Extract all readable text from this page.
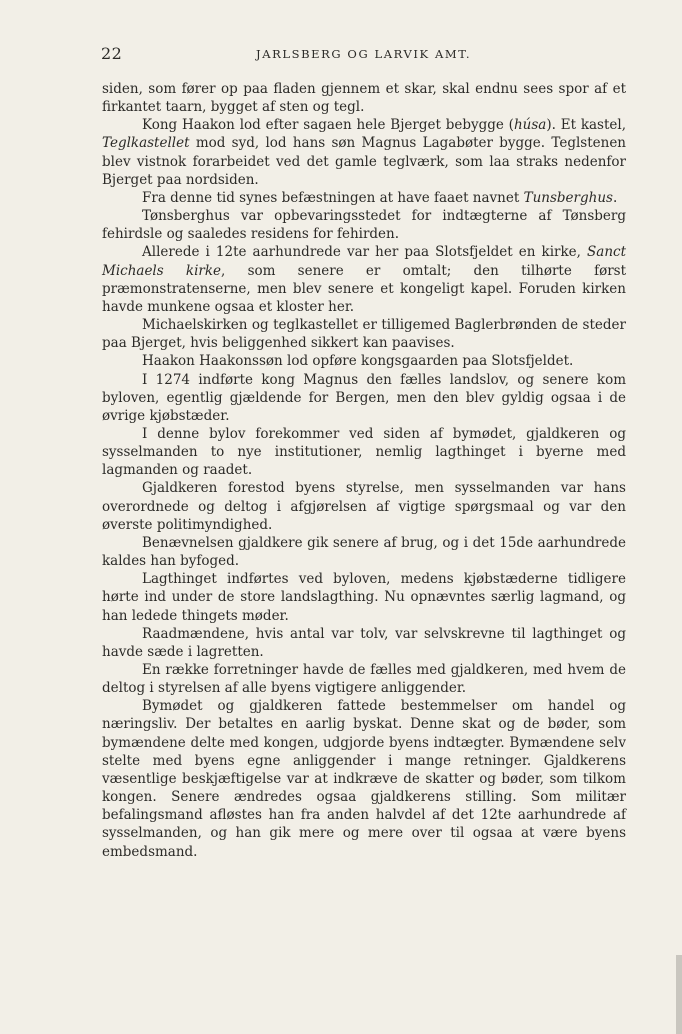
22	JARLSBERG OG LARVIK AMT.

siden, som fører op paa fladen gjennem et skar, skal endnu sees spor af et firkantet taarn, bygget af sten og tegl.

Kong Haakon lod efter sagaen hele Bjerget bebygge (húsa). Et kastel, Teglkastellet mod syd, lod hans søn Magnus Lagabøter bygge. Teglstenen blev vistnok forarbeidet ved det gamle teglværk, som laa straks nedenfor Bjerget paa nordsiden.

Fra denne tid synes befæstningen at have faaet navnet Tunsberghus.

Tønsberghus var opbevaringsstedet for indtægterne af Tønsberg fehirdsle og saaledes residens for fehirden.

Allerede i 12te aarhundrede var her paa Slotsfjeldet en kirke, Sanct Michaels kirke, som senere er omtalt; den tilhørte først præmonstratenserne, men blev senere et kongeligt kapel. Foruden kirken havde munkene ogsaa et kloster her.

Michaelskirken og teglkastellet er tilligemed Baglerbrønden de steder paa Bjerget, hvis beliggenhed sikkert kan paavises.

Haakon Haakonssøn lod opføre kongsgaarden paa Slotsfjeldet.

I 1274 indførte kong Magnus den fælles landslov, og senere kom byloven, egentlig gjældende for Bergen, men den blev gyldig ogsaa i de øvrige kjøbstæder.

I denne bylov forekommer ved siden af bymødet, gjaldkeren og sysselmanden to nye institutioner, nemlig lagthinget i byerne med lagmanden og raadet.

Gjaldkeren forestod byens styrelse, men sysselmanden var hans overordnede og deltog i afgjørelsen af vigtige spørgsmaal og var den øverste politimyndighed.

Benævnelsen gjaldkere gik senere af brug, og i det 15de aarhundrede kaldes han byfoged.

Lagthinget indførtes ved byloven, medens kjøbstæderne tidligere hørte ind under de store landslagthing. Nu opnævntes særlig lagmand, og han ledede thingets møder.

Raadmændene, hvis antal var tolv, var selvskrevne til lagthinget og havde sæde i lagretten.

En række forretninger havde de fælles med gjaldkeren, med hvem de deltog i styrelsen af alle byens vigtigere anliggender.

Bymødet og gjaldkeren fattede bestemmelser om handel og næringsliv. Der betaltes en aarlig byskat. Denne skat og de bøder, som bymændene delte med kongen, udgjorde byens indtægter. Bymændene selv stelte med byens egne anliggender i mange retninger. Gjaldkerens væsentlige beskjæftigelse var at indkræve de skatter og bøder, som tilkom kongen. Senere ændredes ogsaa gjaldkerens stilling. Som militær befalingsmand afløstes han fra anden halvdel af det 12te aarhundrede af sysselmanden, og han gik mere og mere over til ogsaa at være byens embedsmand.
